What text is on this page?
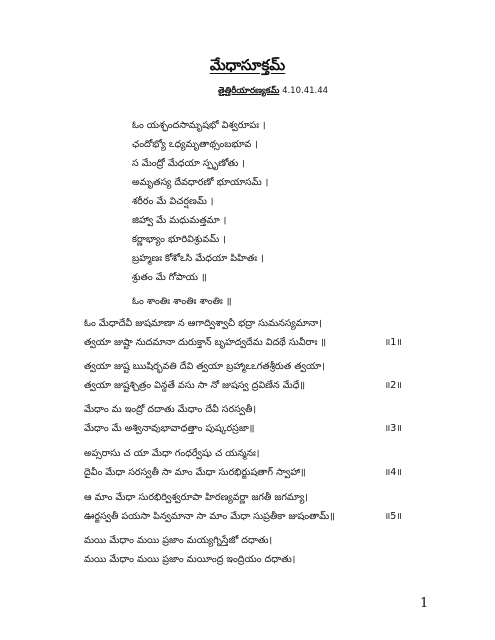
మేధాసూక్తమ్
తైత్తిరీయారణ్యకమ్ 4.10.41.44
ఓం యశ్ఛందసామృషభో విశ్వరూపః ।
ఛందోభ్యో ఽధ్యమృతాథ్సంబభూవ ।
స మేంద్రో మేధయా స్పృణోతు ।
అమృతస్య దేవధారణో భూయాసమ్ ।
శరీరం మే విచర్షణమ్ ।
జిహ్వా మే మధుమత్తమా ।
కర్ణాభ్యాం భూరివిశ్రువమ్ ।
బ్రహ్మణః కోశోఽసి మేధయా పిహితః ।
శ్రుతం మే గోపాయ ॥
ఓం శాంతిః శాంతిః శాంతిః ॥
ఓం మేధాదేవీ జుషమాణా న ఆగాద్విశ్వాచీ భద్రా సుమనస్యమానా।
త్వయా జుష్టా నుదమానా దురుక్తాన్ బృహద్వదేమ విదథే సువీరాః ॥	॥1॥
త్వయా జుష్ట ఋషిర్భవతి దేవి త్వయా బ్రహ్మాఽఽగతశ్రీరుత త్వయా।
త్వయా జుష్టశ్చిత్రం విన్దతే వసు సా నో జుషస్వ ద్రవిణేన మేధే॥	॥2॥
మేధాం మ ఇంద్రో దదాతు మేధాం దేవీ సరస్వతీ।
మేధాం మే అశ్వినావుభావాధత్తాం పుష్కరస్రజా॥	॥3॥
అప్సరాసు చ యా మేధా గంధర్వేషు చ యన్మనః।
దైవీం మేధా సరస్వతీ సా మాం మేధా సురభిర్జుషతాగ్ స్వాహా॥	॥4॥
ఆ మాం మేధా సురభిర్విశ్వరూపా హిరణ్యవర్ణా జగతీ జగమ్యా।
ఊర్జస్వతీ పయసా పిన్వమానా సా మాం మేధా సుప్రతీకా జుషంతామ్॥	॥5॥
మయి మేధాం మయి ప్రజాం మయ్యగ్నిస్తేజో దధాతు।
మయి మేధాం మయి ప్రజాం మయీంద్ర ఇంద్రియం దధాతు।
1
